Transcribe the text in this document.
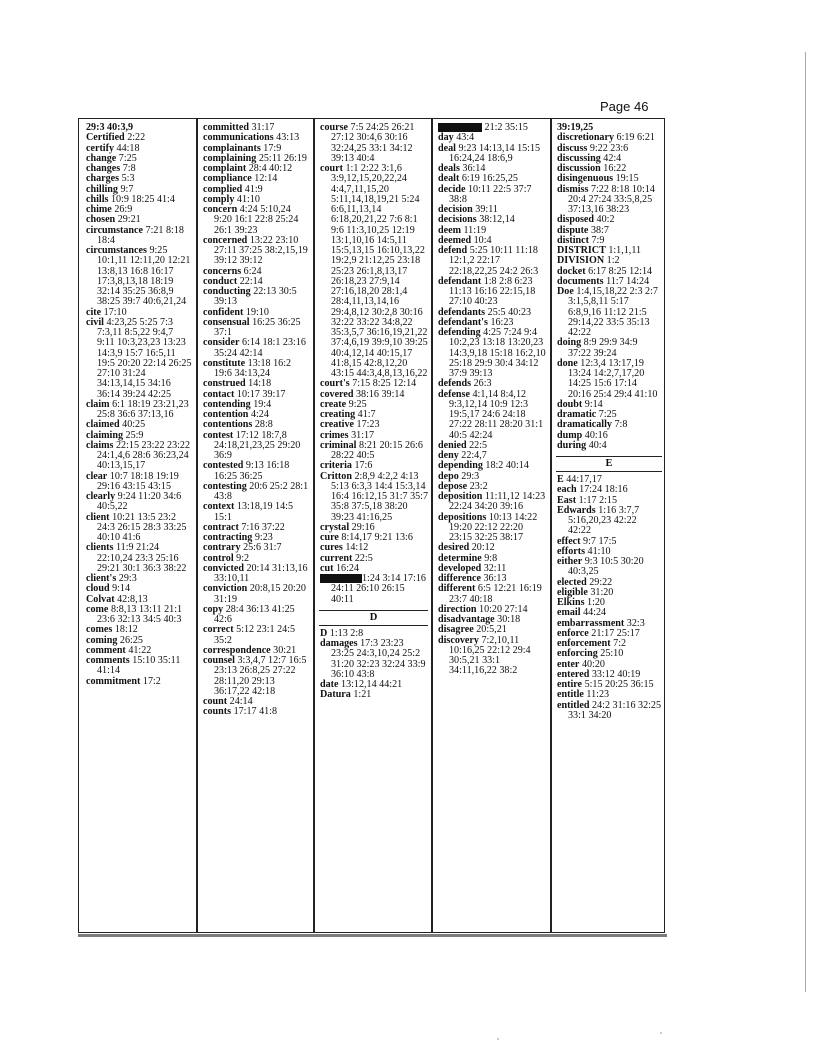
Page 46
29:3 40:3,9
Certified 2:22
certify 44:18
change 7:25
changes 7:8
charges 5:3
chilling 9:7
chills 10:9 18:25 41:4
chime 26:9
chosen 29:21
circumstance 7:21 8:18 18:4
circumstances 9:25 10:1,11 12:11,20 12:21 13:8,13 16:8 16:17 17:3,8,13,18 18:19 32:14 35:25 36:8,9 38:25 39:7 40:6,21,24
cite 17:10
civil 4:23,25 5:25 7:3 7:3,11 8:5,22 9:4,7 9:11 10:3,23,23 13:23 14:3,9 15:7 16:5,11 19:5 20:20 22:14 26:25 27:10 31:24 34:13,14,15 34:16 36:14 39:24 42:25
claim 6:1 18:19 23:21,23 25:8 36:6 37:13,16
claimed 40:25
claiming 25:9
claims 22:15 23:22 23:22 24:1,4,6 28:6 36:23,24 40:13,15,17
clear 10:7 18:18 19:19 29:16 43:15 43:15
clearly 9:24 11:20 34:6 40:5,22
client 10:21 13:5 23:2 24:3 26:15 28:3 33:25 40:10 41:6
clients 11:9 21:24 22:10,24 23:3 25:16 29:21 30:1 36:3 38:22
client's 29:3
cloud 9:14
Colvat 42:8,13
come 8:8,13 13:11 21:1 23:6 32:13 34:5 40:3
comes 18:12
coming 26:25
comment 41:22
comments 15:10 35:11 41:14
commitment 17:2
committed 31:17
communications 43:13
complainants 17:9
complaining 25:11 26:19
complaint 28:4 40:12
compliance 12:14
complied 41:9
comply 41:10
concern 4:24 5:10,24 9:20 16:1 22:8 25:24 26:1 39:23
concerned 13:22 23:10 27:11 37:25 38:2,15,19 39:12 39:12
concerns 6:24
conduct 22:14
conducting 22:13 30:5 39:13
confident 19:10
consensual 16:25 36:25 37:1
consider 6:14 18:1 23:16 35:24 42:14
constitute 13:18 16:2 19:6 34:13,24
construed 14:18
contact 10:17 39:17
contending 19:4
contention 4:24
contentions 28:8
contest 17:12 18:7,8 24:18,21,23,25 29:20 36:9
contested 9:13 16:18 16:25 36:25
contesting 20:6 25:2 28:1 43:8
context 13:18,19 14:5 15:1
contract 7:16 37:22
contracting 9:23
contrary 25:6 31:7
control 9:2
convicted 20:14 31:13,16 33:10,11
conviction 20:8,15 20:20 31:19
copy 28:4 36:13 41:25 42:6
correct 5:12 23:1 24:5 35:2
correspondence 30:21
counsel 3:3,4,7 12:7 16:5 23:13 26:8,25 27:22 28:11,20 29:13 36:17,22 42:18
count 24:14
counts 17:17 41:8
course 7:5 24:25 26:21 27:12 30:4,6 30:16 32:24,25 33:1 34:12 39:13 40:4
court 1:1 2:22 3:1,6 3:9,12,15,20,22,24 4:4,7,11,15,20 5:11,14,18,19,21 5:24 6:6,11,13,14 6:18,20,21,22 7:6 8:1 9:6 11:3,10,25 12:19 13:1,10,16 14:5,11 15:5,13,15 16:10,13,22 19:2,9 21:12,25 23:18 25:23 26:1,8,13,17 26:18,23 27:9,14 27:16,18,20 28:1,4 28:4,11,13,14,16 29:4,8,12 30:2,8 30:16 32:22 33:22 34:8,22 35:3,5,7 36:16,19,21,22 37:4,6,19 39:9,10 39:25 40:4,12,14 40:15,17 41:8,15 42:8,12,20 43:15 44:3,4,8,13,16,22
court's 7:15 8:25 12:14
covered 38:16 39:14
create 9:25
creating 41:7
creative 17:23
crimes 31:17
criminal 8:21 20:15 26:6 28:22 40:5
criteria 17:6
Critton 2:8,9 4:2,2 4:13 5:13 6:3,3 14:4 15:3,14 16:4 16:12,15 31:7 35:7 35:8 37:5,18 38:20 39:23 41:16,25
crystal 29:16
cure 8:14,17 9:21 13:6
cures 14:12
current 22:5
cut 16:24
1:24 3:14 17:16 24:11 26:10 26:15 40:11
D
D 1:13 2:8
damages 17:3 23:23 23:25 24:3,10,24 25:2 31:20 32:23 32:24 33:9 36:10 43:8
date 13:12,14 44:21
Datura 1:21
21:2 35:15
day 43:4
deal 9:23 14:13,14 15:15 16:24,24 18:6,9
deals 36:14
dealt 6:19 16:25,25
decide 10:11 22:5 37:7 38:8
decision 39:11
decisions 38:12,14
deem 11:19
deemed 10:4
defend 5:25 10:11 11:18 12:1,2 22:17 22:18,22,25 24:2 26:3
defendant 1:8 2:8 6:23 11:13 16:16 22:15,18 27:10 40:23
defendants 25:5 40:23
defendant's 16:23
defending 4:25 7:24 9:4 10:2,23 13:18 13:20,23 14:3,9,18 15:18 16:2,10 25:18 29:9 30:4 34:12 37:9 39:13
defends 26:3
defense 4:1,14 8:4,12 9:3,12,14 10:9 12:3 19:5,17 24:6 24:18 27:22 28:11 28:20 31:1 40:5 42:24
denied 22:5
deny 22:4,7
depending 18:2 40:14
depo 29:3
depose 23:2
deposition 11:11,12 14:23 22:24 34:20 39:16
depositions 10:13 14:22 19:20 22:12 22:20 23:15 32:25 38:17
desired 20:12
determine 9:8
developed 32:11
difference 36:13
different 6:5 12:21 16:19 23:7 40:18
direction 10:20 27:14
disadvantage 30:18
disagree 20:5,21
discovery 7:2,10,11 10:16,25 22:12 29:4 30:5,21 33:1 34:11,16,22 38:2
39:19,25
discretionary 6:19 6:21
discuss 9:22 23:6
discussing 42:4
discussion 16:22
disingenuous 19:15
dismiss 7:22 8:18 10:14 20:4 27:24 33:5,8,25 37:13,16 38:23
disposed 40:2
dispute 38:7
distinct 7:9
DISTRICT 1:1,1,11
DIVISION 1:2
docket 6:17 8:25 12:14
documents 11:7 14:24
Doe 1:4,15,18,22 2:3 2:7 3:1,5,8,11 5:17 6:8,9,16 11:12 21:5 29:14,22 33:5 35:13 42:22
doing 8:9 29:9 34:9 37:22 39:24
done 12:3,4 13:17,19 13:24 14:2,7,17,20 14:25 15:6 17:14 20:16 25:4 29:4 41:10
doubt 9:14
dramatic 7:25
dramatically 7:8
dump 40:16
during 40:4
E
E 44:17,17
each 17:24 18:16
East 1:17 2:15
Edwards 1:16 3:7,7 5:16,20,23 42:22 42:22
effect 9:7 17:5
efforts 41:10
either 9:3 10:5 30:20 40:3,25
elected 29:22
eligible 31:20
Elkins 1:20
email 44:24
embarrassment 32:3
enforce 21:17 25:17
enforcement 7:2
enforcing 25:10
enter 40:20
entered 33:12 40:19
entire 5:15 20:25 36:15
entitle 11:23
entitled 24:2 31:16 32:25 33:1 34:20
